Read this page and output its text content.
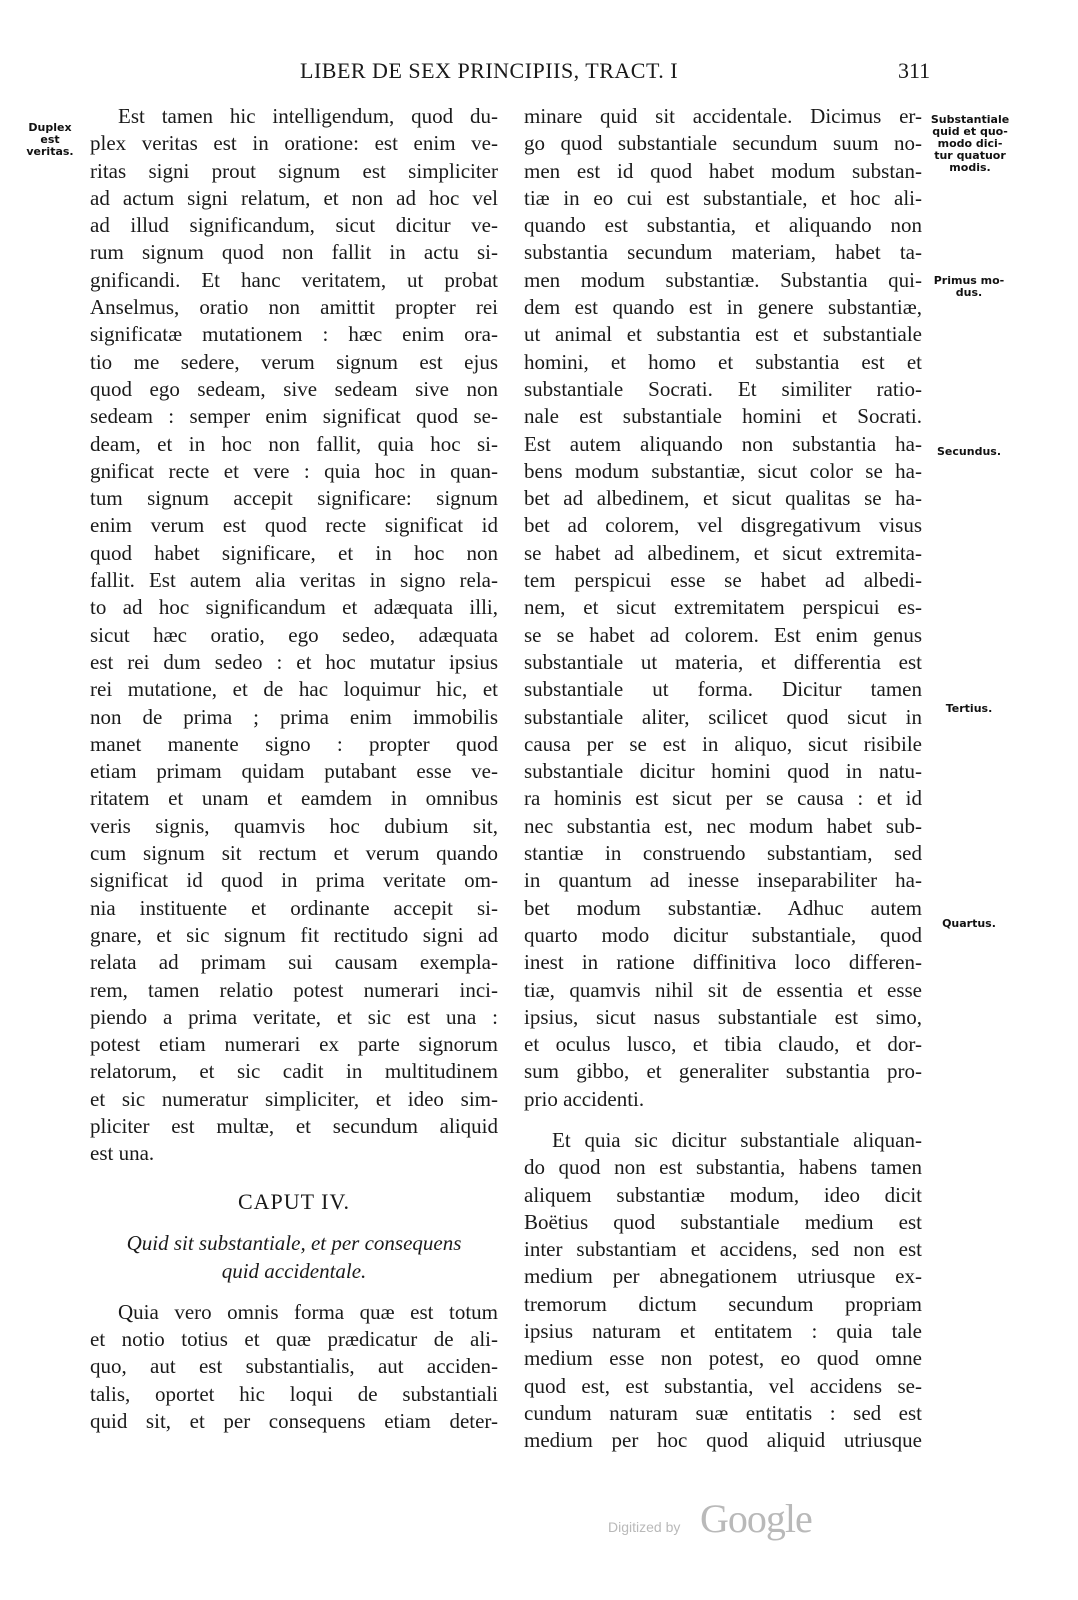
LIBER DE SEX PRINCIPIIS, TRACT. I	311
Est tamen hic intelligendum, quod du-
plex veritas est in oratione: est enim ve-
ritas signi prout signum est simpliciter
ad actum signi relatum, et non ad hoc vel
ad illud significandum, sicut dicitur ve-
rum signum quod non fallit in actu si-
gnificandi. Et hanc veritatem, ut probat
Anselmus, oratio non amittit propter rei
significatæ mutationem : hæc enim ora-
tio me sedere, verum signum est ejus
quod ego sedeam, sive sedeam sive non
sedeam : semper enim significat quod se-
deam, et in hoc non fallit, quia hoc si-
gnificat recte et vere : quia hoc in quan-
tum signum accepit significare: signum
enim verum est quod recte significat id
quod habet significare, et in hoc non
fallit. Est autem alia veritas in signo rela-
to ad hoc significandum et adæquata illi,
sicut hæc oratio, ego sedeo, adæquata
est rei dum sedeo : et hoc mutatur ipsius
rei mutatione, et de hac loquimur hic, et
non de prima ; prima enim immobilis
manet manente signo : propter quod
etiam primam quidam putabant esse ve-
ritatem et unam et eamdem in omnibus
veris signis, quamvis hoc dubium sit,
cum signum sit rectum et verum quando
significat id quod in prima veritate om-
nia instituente et ordinante accepit si-
gnare, et sic signum fit rectitudo signi ad
relata ad primam sui causam exempla-
rem, tamen relatio potest numerari inci-
piendo a prima veritate, et sic est una :
potest etiam numerari ex parte signorum
relatorum, et sic cadit in multitudinem
et sic numeratur simpliciter, et ideo sim-
pliciter est multæ, et secundum aliquid
est una.
CAPUT IV.
Quid sit substantiale, et per consequens
quid accidentale.
Quia vero omnis forma quæ est totum
et notio totius et quæ prædicatur de ali-
quo, aut est substantialis, aut acciden-
talis, oportet hic loqui de substantiali
quid sit, et per consequens etiam deter-
minare quid sit accidentale. Dicimus er-
go quod substantiale secundum suum no-
men est id quod habet modum substan-
tiæ in eo cui est substantiale, et hoc ali-
quando est substantia, et aliquando non
substantia secundum materiam, habet ta-
men modum substantiæ. Substantia qui-
dem est quando est in genere substantiæ,
ut animal et substantia est et substantiale
homini, et homo et substantia est et
substantiale Socrati. Et similiter ratio-
nale est substantiale homini et Socrati.
Est autem aliquando non substantia ha-
bens modum substantiæ, sicut color se ha-
bet ad albedinem, et sicut qualitas se ha-
bet ad colorem, vel disgregativum visus
se habet ad albedinem, et sicut extremita-
tem perspicui esse se habet ad albedi-
nem, et sicut extremitatem perspicui es-
se se habet ad colorem. Est enim genus
substantiale ut materia, et differentia est
substantiale ut forma. Dicitur tamen
substantiale aliter, scilicet quod sicut in
causa per se est in aliquo, sicut risibile
substantiale dicitur homini quod in natu-
ra hominis est sicut per se causa : et id
nec substantia est, nec modum habet sub-
stantiæ in construendo substantiam, sed
in quantum ad inesse inseparabiliter ha-
bet modum substantiæ. Adhuc autem
quarto modo dicitur substantiale, quod
inest in ratione diffinitiva loco differen-
tiæ, quamvis nihil sit de essentia et esse
ipsius, sicut nasus substantiale est simo,
et oculus lusco, et tibia claudo, et dor-
sum gibbo, et generaliter substantia pro-
prio accidenti.
Et quia sic dicitur substantiale aliquan-
do quod non est substantia, habens tamen
aliquem substantiæ modum, ideo dicit
Boëtius quod substantiale medium est
inter substantiam et accidens, sed non est
medium per abnegationem utriusque ex-
tremorum dictum secundum propriam
ipsius naturam et entitatem : quia tale
medium esse non potest, eo quod omne
quod est, est substantia, vel accidens se-
cundum naturam suæ entitatis : sed est
medium per hoc quod aliquid utriusque
Duplex est
veritas.
Substantiale
quid et quo-
modo dici-
tur quatuor
modis.
Primus mo-
dus.
Secundus.
Tertius.
Quartus.
Digitized by Google
